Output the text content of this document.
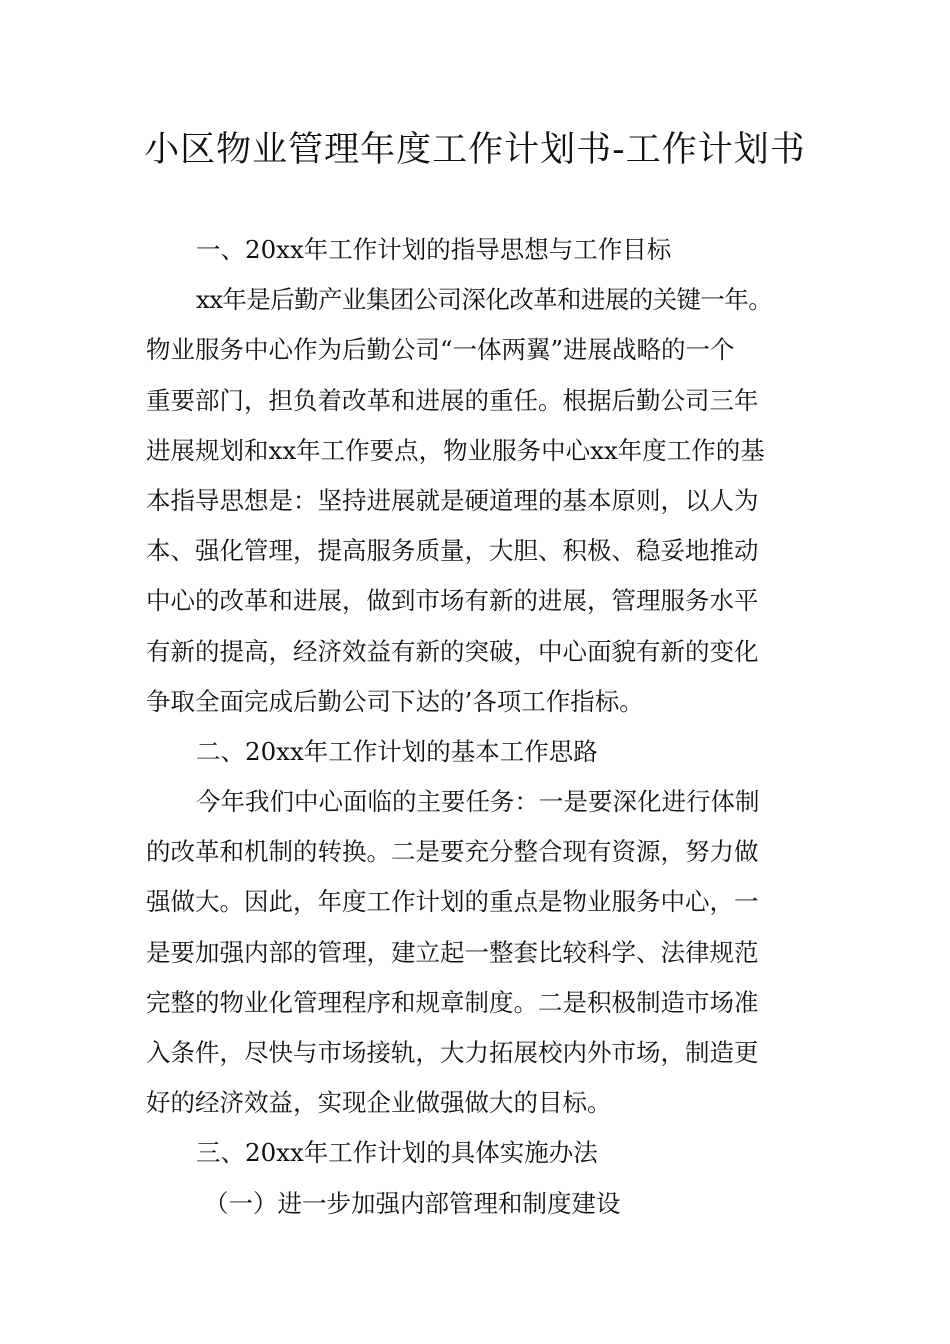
小区物业管理年度工作计划书-工作计划书
一、20xx年工作计划的指导思想与工作目标
xx年是后勤产业集团公司深化改革和进展的关键一年。
物业服务中心作为后勤公司“一体两翼”进展战略的一个
重要部门，担负着改革和进展的重任。根据后勤公司三年
进展规划和xx年工作要点，物业服务中心xx年度工作的基
本指导思想是：坚持进展就是硬道理的基本原则，以人为
本、强化管理，提高服务质量，大胆、积极、稳妥地推动
中心的改革和进展，做到市场有新的进展，管理服务水平
有新的提高，经济效益有新的突破，中心面貌有新的变化
争取全面完成后勤公司下达的’各项工作指标。
二、20xx年工作计划的基本工作思路
今年我们中心面临的主要任务：一是要深化进行体制
的改革和机制的转换。二是要充分整合现有资源，努力做
强做大。因此，年度工作计划的重点是物业服务中心，一
是要加强内部的管理，建立起一整套比较科学、法律规范
完整的物业化管理程序和规章制度。二是积极制造市场准
入条件，尽快与市场接轨，大力拓展校内外市场，制造更
好的经济效益，实现企业做强做大的目标。
三、20xx年工作计划的具体实施办法
（一）进一步加强内部管理和制度建设
